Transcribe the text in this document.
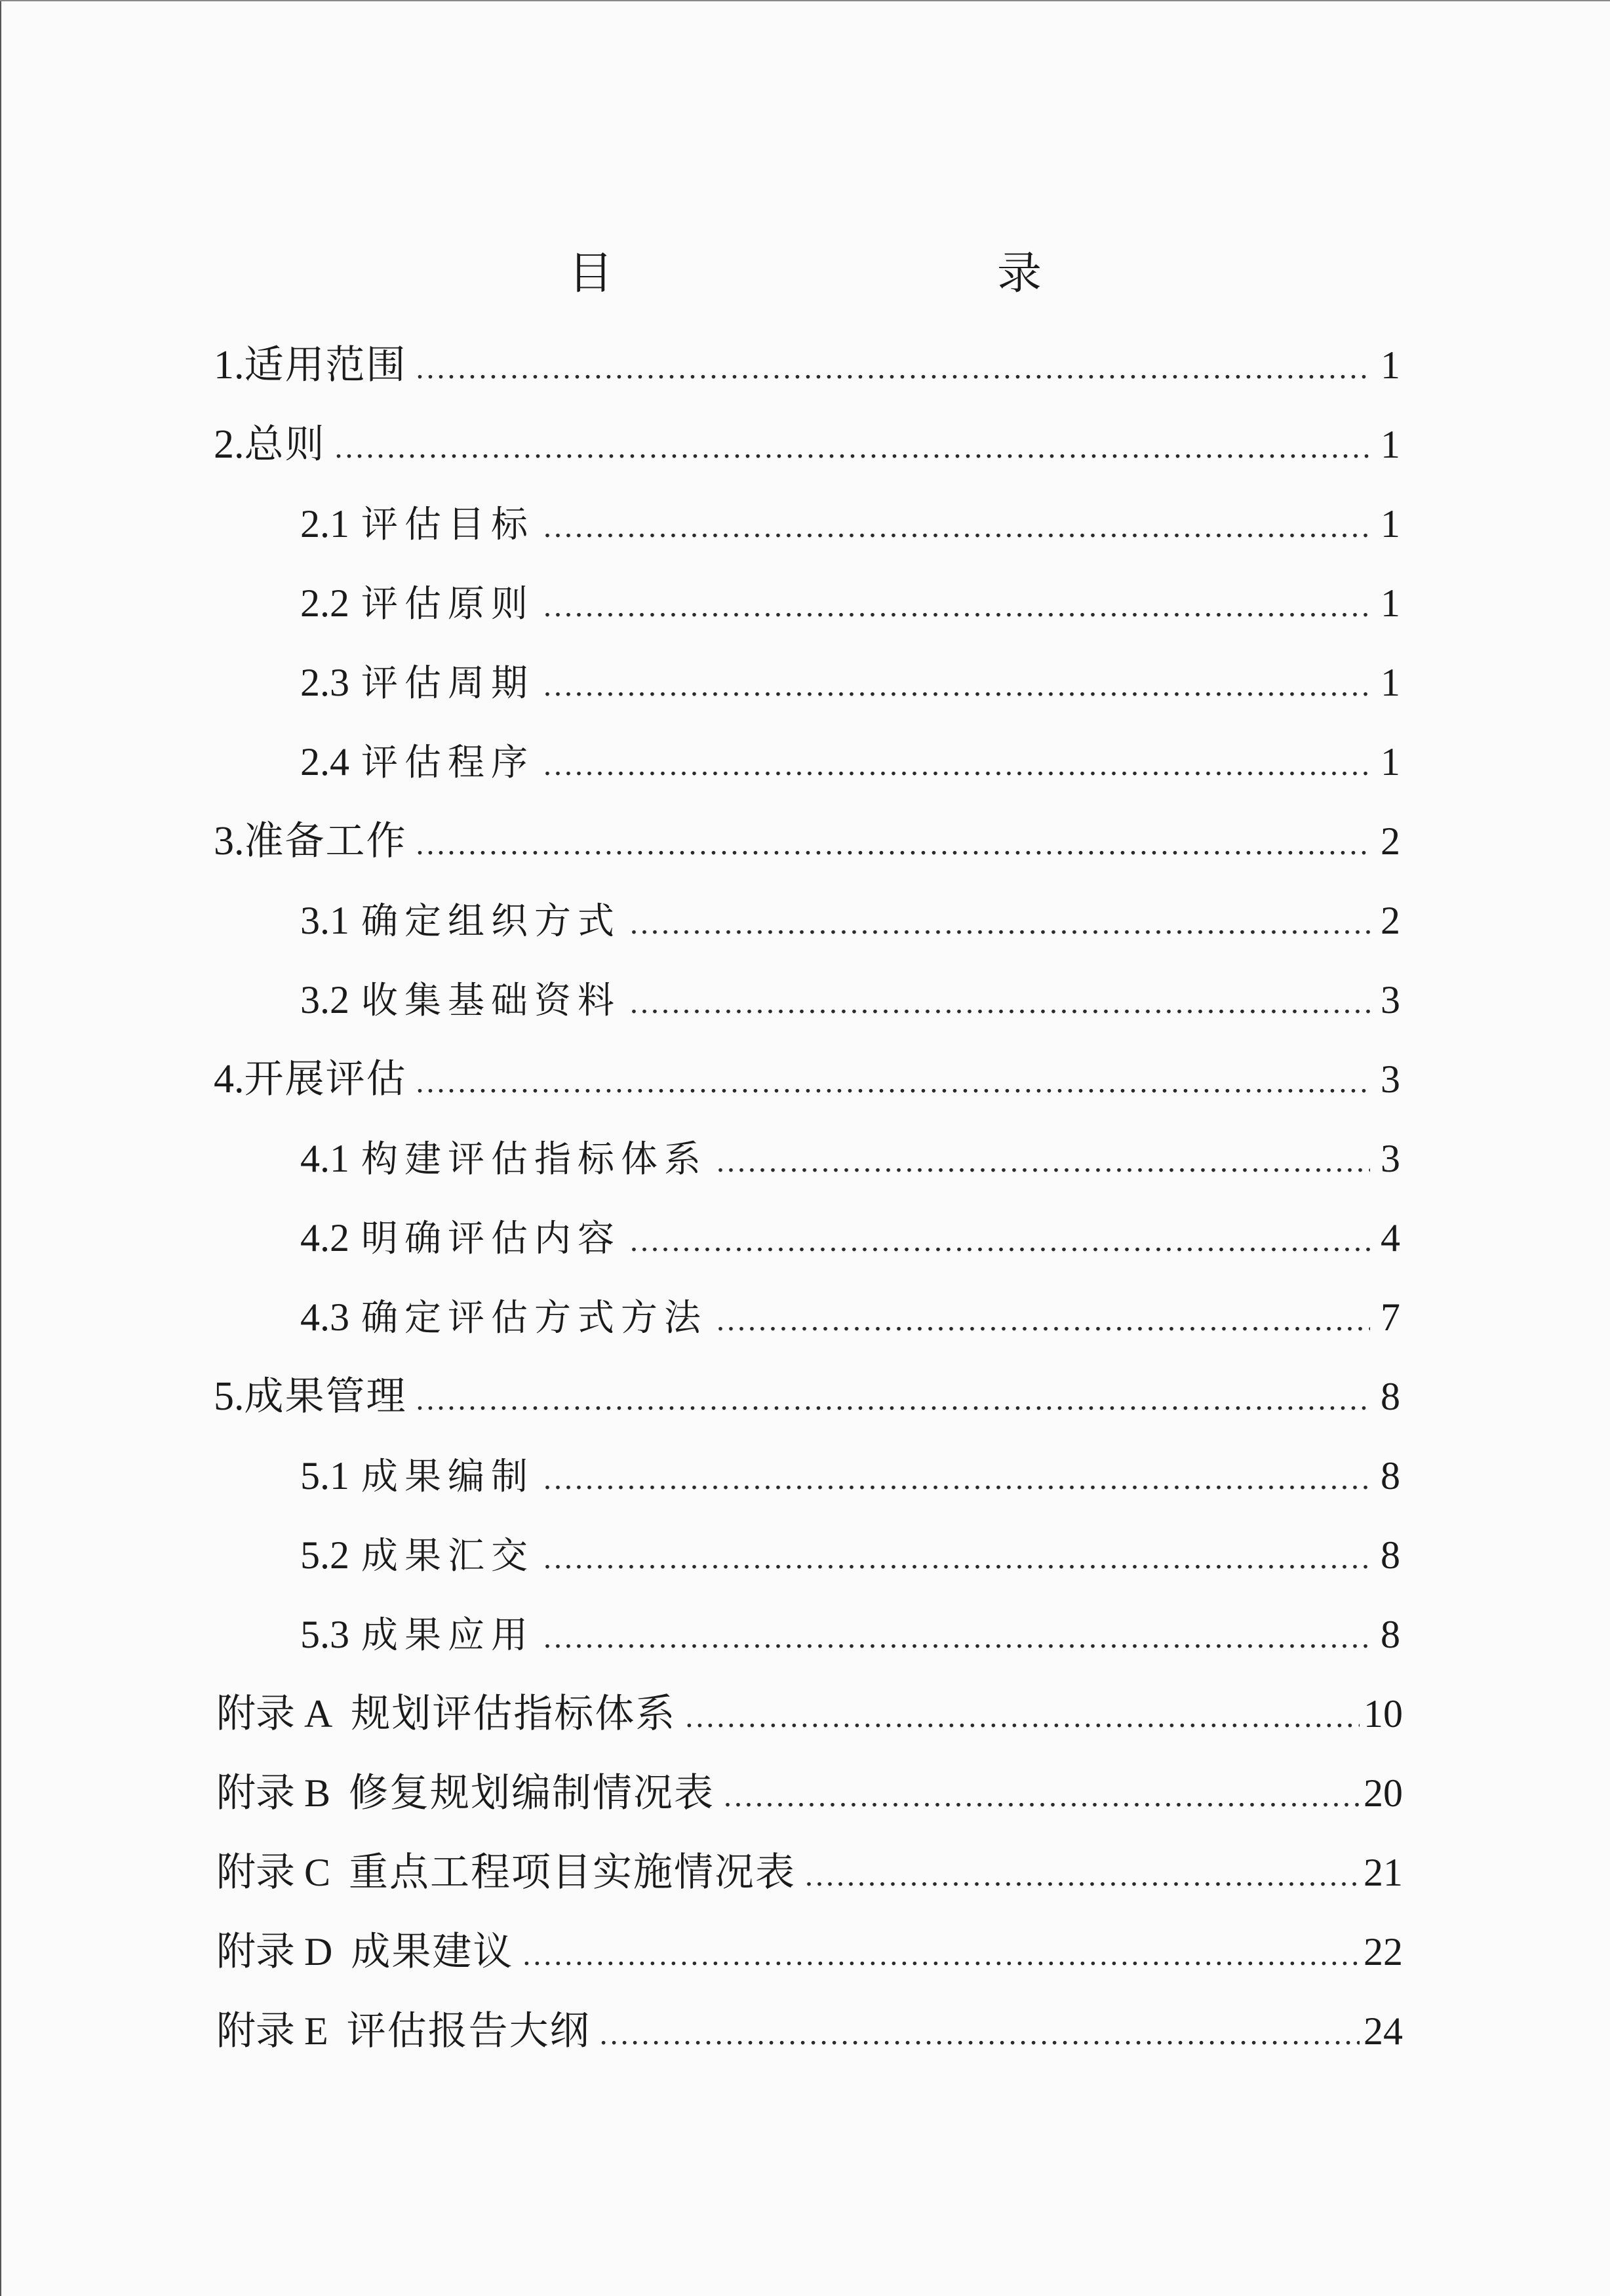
目　　录
1. 适用范围 .....	1
2. 总则 .....	1
2.1 评估目标 .....	1
2.2 评估原则 .....	1
2.3 评估周期 .....	1
2.4 评估程序 .....	1
3. 准备工作 .....	2
3.1 确定组织方式 .....	2
3.2 收集基础资料 .....	3
4. 开展评估 .....	3
4.1 构建评估指标体系 .....	3
4.2 明确评估内容 .....	4
4.3 确定评估方式方法 .....	7
5. 成果管理 .....	8
5.1 成果编制 .....	8
5.2 成果汇交 .....	8
5.3 成果应用 .....	8
附录 A 规划评估指标体系 .....	10
附录 B 修复规划编制情况表 .....	20
附录 C 重点工程项目实施情况表 .....	21
附录 D 成果建议 .....	22
附录 E 评估报告大纲 .....	24
